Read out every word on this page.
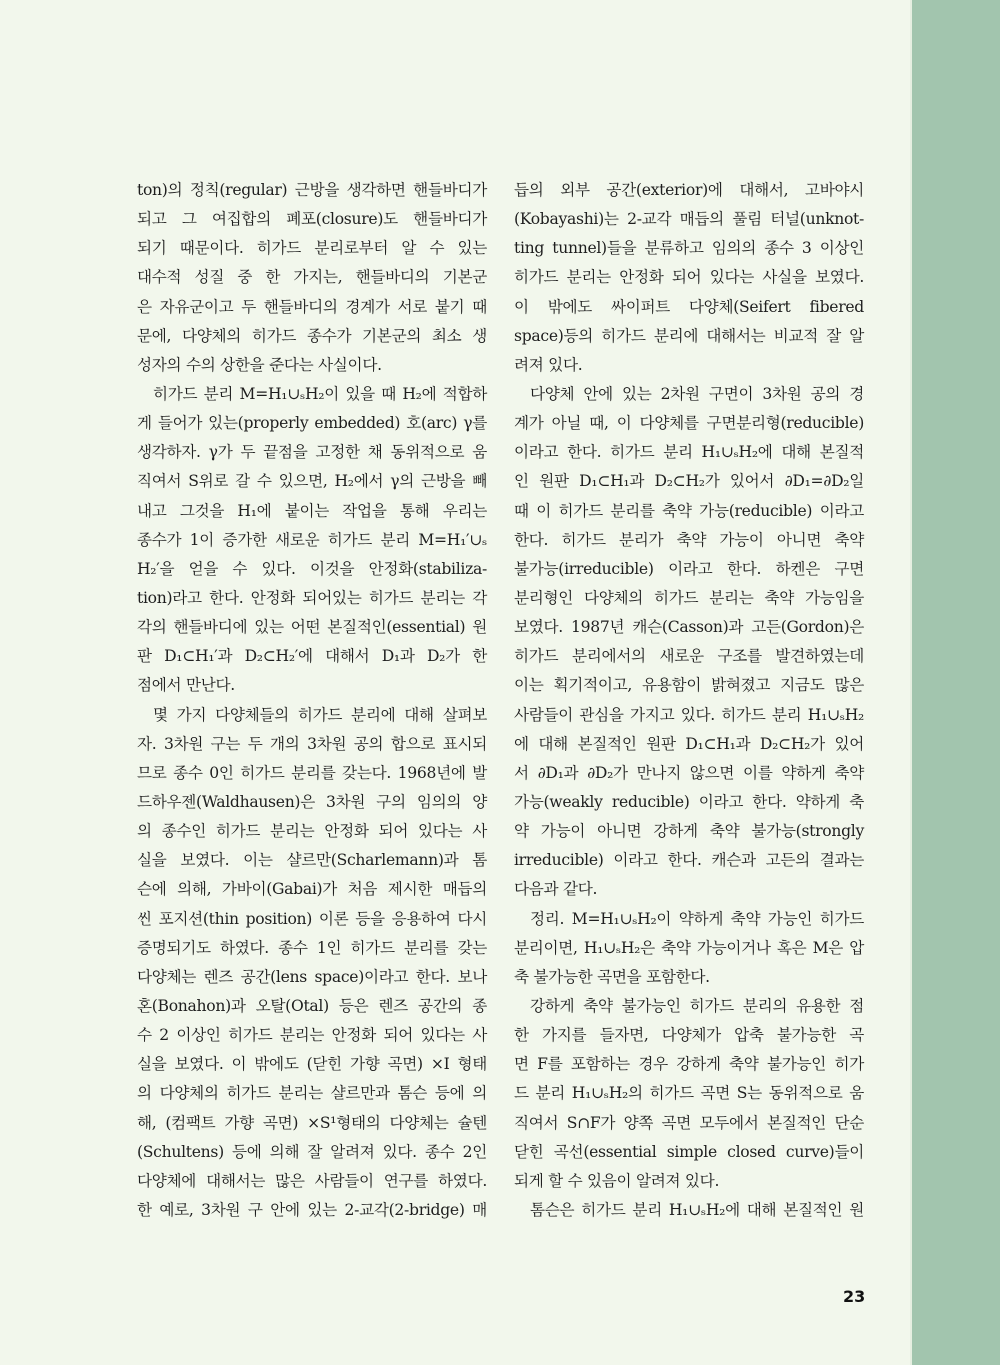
ton)의 정칙(regular) 근방을 생각하면 핸들바디가
되고 그 여집합의 폐포(closure)도 핸들바디가
되기 때문이다. 히가드 분리로부터 알 수 있는
대수적 성질 중 한 가지는, 핸들바디의 기본군
은 자유군이고 두 핸들바디의 경계가 서로 붙기 때
문에, 다양체의 히가드 종수가 기본군의 최소 생
성자의 수의 상한을 준다는 사실이다.
히가드 분리 M=H₁∪ₛH₂이 있을 때 H₂에 적합하
게 들어가 있는(properly embedded) 호(arc) γ를
생각하자. γ가 두 끝점을 고정한 채 동위적으로 움
직여서 S위로 갈 수 있으면, H₂에서 γ의 근방을 빼
내고 그것을 H₁에 붙이는 작업을 통해 우리는
종수가 1이 증가한 새로운 히가드 분리 M=H₁′∪ₛ
H₂′을 얻을 수 있다. 이것을 안정화(stabiliza-
tion)라고 한다. 안정화 되어있는 히가드 분리는 각
각의 핸들바디에 있는 어떤 본질적인(essential) 원
판 D₁⊂H₁′과 D₂⊂H₂′에 대해서 D₁과 D₂가 한
점에서 만난다.
몇 가지 다양체들의 히가드 분리에 대해 살펴보
자. 3차원 구는 두 개의 3차원 공의 합으로 표시되
므로 종수 0인 히가드 분리를 갖는다. 1968년에 발
드하우젠(Waldhausen)은 3차원 구의 임의의 양
의 종수인 히가드 분리는 안정화 되어 있다는 사
실을 보였다. 이는 샬르만(Scharlemann)과 톰
슨에 의해, 가바이(Gabai)가 처음 제시한 매듭의
씬 포지션(thin position) 이론 등을 응용하여 다시
증명되기도 하였다. 종수 1인 히가드 분리를 갖는
다양체는 렌즈 공간(lens space)이라고 한다. 보나
혼(Bonahon)과 오탈(Otal) 등은 렌즈 공간의 종
수 2 이상인 히가드 분리는 안정화 되어 있다는 사
실을 보였다. 이 밖에도 (닫힌 가향 곡면) ×I 형태
의 다양체의 히가드 분리는 샬르만과 톰슨 등에 의
해, (컴팩트 가향 곡면) ×S¹형태의 다양체는 슐텐
(Schultens) 등에 의해 잘 알려져 있다. 종수 2인
다양체에 대해서는 많은 사람들이 연구를 하였다.
한 예로, 3차원 구 안에 있는 2-교각(2-bridge) 매
듭의 외부 공간(exterior)에 대해서, 고바야시
(Kobayashi)는 2-교각 매듭의 풀림 터널(unknot-
ting tunnel)들을 분류하고 임의의 종수 3 이상인
히가드 분리는 안정화 되어 있다는 사실을 보였다.
이 밖에도 싸이퍼트 다양체(Seifert fibered
space)등의 히가드 분리에 대해서는 비교적 잘 알
려져 있다.
다양체 안에 있는 2차원 구면이 3차원 공의 경
계가 아닐 때, 이 다양체를 구면분리형(reducible)
이라고 한다. 히가드 분리 H₁∪ₛH₂에 대해 본질적
인 원판 D₁⊂H₁과 D₂⊂H₂가 있어서 ∂D₁=∂D₂일
때 이 히가드 분리를 축약 가능(reducible) 이라고
한다. 히가드 분리가 축약 가능이 아니면 축약
불가능(irreducible) 이라고 한다. 하켄은 구면
분리형인 다양체의 히가드 분리는 축약 가능임을
보였다. 1987년 캐슨(Casson)과 고든(Gordon)은
히가드 분리에서의 새로운 구조를 발견하였는데
이는 획기적이고, 유용함이 밝혀졌고 지금도 많은
사람들이 관심을 가지고 있다. 히가드 분리 H₁∪ₛH₂
에 대해 본질적인 원판 D₁⊂H₁과 D₂⊂H₂가 있어
서 ∂D₁과 ∂D₂가 만나지 않으면 이를 약하게 축약
가능(weakly reducible) 이라고 한다. 약하게 축
약 가능이 아니면 강하게 축약 불가능(strongly
irreducible) 이라고 한다. 캐슨과 고든의 결과는
다음과 같다.
정리. M=H₁∪ₛH₂이 약하게 축약 가능인 히가드
분리이면, H₁∪ₛH₂은 축약 가능이거나 혹은 M은 압
축 불가능한 곡면을 포함한다.
강하게 축약 불가능인 히가드 분리의 유용한 점
한 가지를 들자면, 다양체가 압축 불가능한 곡
면 F를 포함하는 경우 강하게 축약 불가능인 히가
드 분리 H₁∪ₛH₂의 히가드 곡면 S는 동위적으로 움
직여서 S∩F가 양쪽 곡면 모두에서 본질적인 단순
닫힌 곡선(essential simple closed curve)들이
되게 할 수 있음이 알려져 있다.
톰슨은 히가드 분리 H₁∪ₛH₂에 대해 본질적인 원
23
